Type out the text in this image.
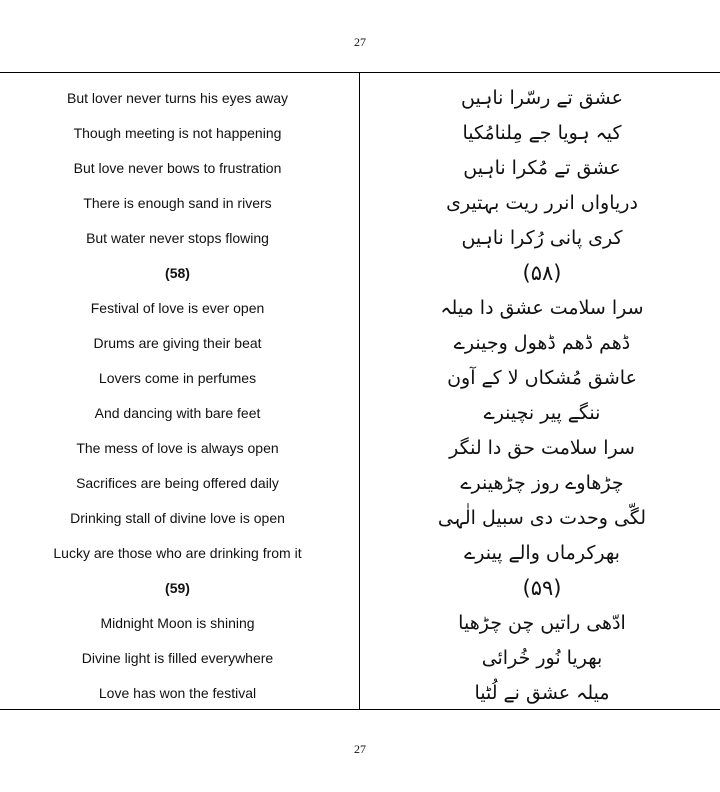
27
But lover never turns his eyes away
Though meeting is not happening
But love never bows to frustration
There is enough sand in rivers
But water never stops flowing
(58)
Festival of love is ever open
Drums are giving their beat
Lovers come in perfumes
And dancing with bare feet
The mess of love is always open
Sacrifices are being offered daily
Drinking stall of divine love is open
Lucky are those who are drinking from it
(59)
Midnight Moon is shining
Divine light is filled everywhere
Love has won the festival
عشق تے رسّرا ناہیں
کیہ ہویا جے مِلنامُکیا
عشق تے مُکرا ناہیں
دریاواں انرر ریت بہتیری
کری پانی رُکرا ناہیں
(۵۸)
سرا سلامت عشق دا میلہ
ڈھم ڈھم ڈھول وجینرے
عاشق مُشکاں لا کے آون
ننگے پیر نچینرے
سرا سلامت حق دا لنگر
چڑھاوے روز چڑھینرے
لگّی وحدت دی سبیل الٰہی
بھرکرماں والے پینرے
(۵۹)
ادّھی راتیں چن چڑھیا
بھریا نُور خُرائی
میلہ عشق نے لُٹیا
27
